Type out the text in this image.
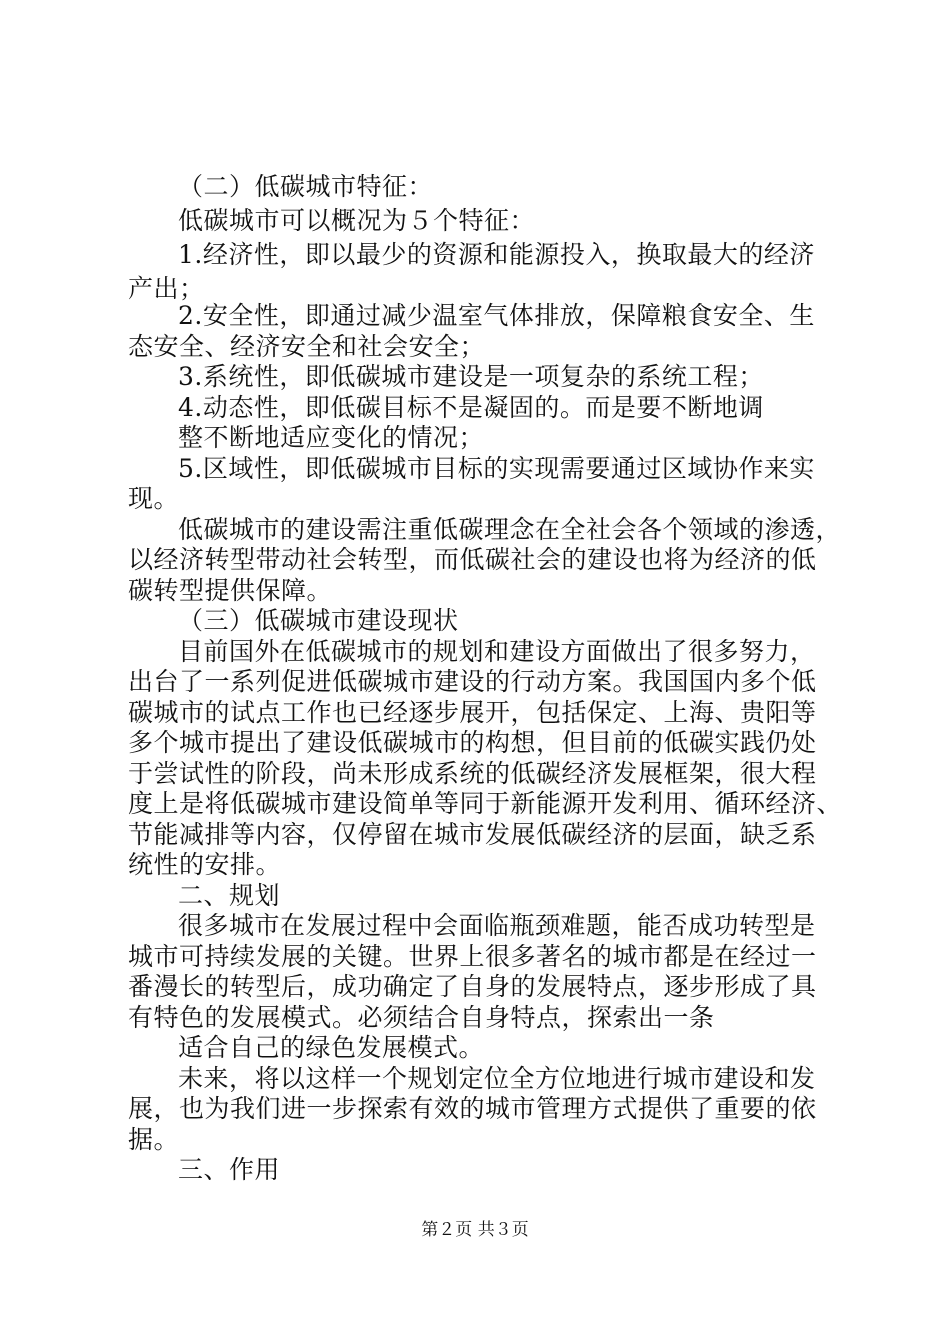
（二）低碳城市特征：
低碳城市可以概况为５个特征：
1.经济性，即以最少的资源和能源投入，换取最大的经济
产出；
2.安全性，即通过减少温室气体排放，保障粮食安全、生
态安全、经济安全和社会安全；
3.系统性，即低碳城市建设是一项复杂的系统工程；
4.动态性，即低碳目标不是凝固的。而是要不断地调
整不断地适应变化的情况；
5.区域性，即低碳城市目标的实现需要通过区域协作来实
现。
低碳城市的建设需注重低碳理念在全社会各个领域的渗透，
以经济转型带动社会转型，而低碳社会的建设也将为经济的低
碳转型提供保障。
（三）低碳城市建设现状
目前国外在低碳城市的规划和建设方面做出了很多努力，
出台了一系列促进低碳城市建设的行动方案。我国国内多个低
碳城市的试点工作也已经逐步展开，包括保定、上海、贵阳等
多个城市提出了建设低碳城市的构想，但目前的低碳实践仍处
于尝试性的阶段，尚未形成系统的低碳经济发展框架，很大程
度上是将低碳城市建设简单等同于新能源开发利用、循环经济、
节能减排等内容，仅停留在城市发展低碳经济的层面，缺乏系
统性的安排。
二、规划
很多城市在发展过程中会面临瓶颈难题，能否成功转型是
城市可持续发展的关键。世界上很多著名的城市都是在经过一
番漫长的转型后，成功确定了自身的发展特点，逐步形成了具
有特色的发展模式。必须结合自身特点，探索出一条
适合自己的绿色发展模式。
未来，将以这样一个规划定位全方位地进行城市建设和发
展，也为我们进一步探索有效的城市管理方式提供了重要的依
据。
三、作用
第２页 共３页
